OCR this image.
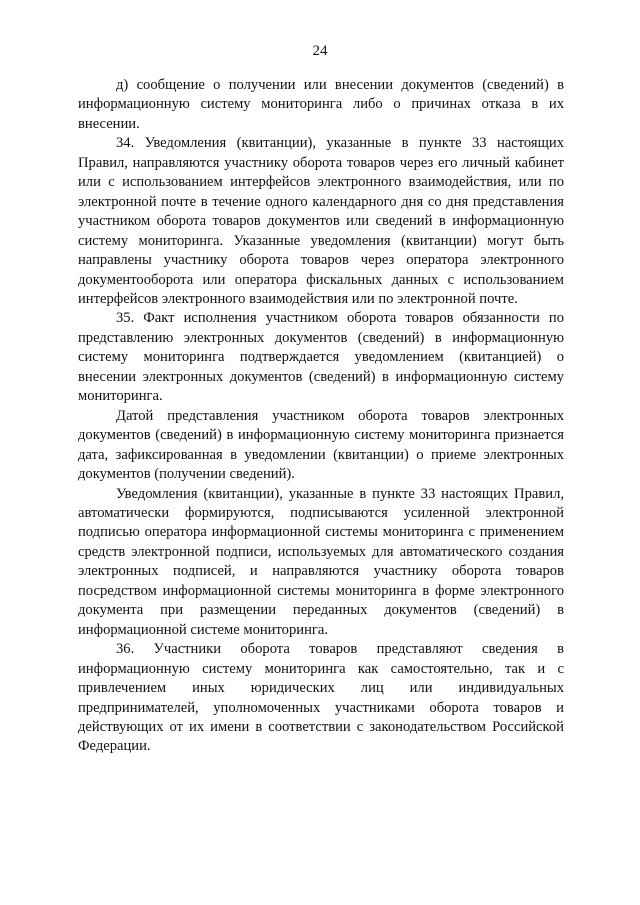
24

д) сообщение о получении или внесении документов (сведений) в информационную систему мониторинга либо о причинах отказа в их внесении.

34. Уведомления (квитанции), указанные в пункте 33 настоящих Правил, направляются участнику оборота товаров через его личный кабинет или с использованием интерфейсов электронного взаимодействия, или по электронной почте в течение одного календарного дня со дня представления участником оборота товаров документов или сведений в информационную систему мониторинга. Указанные уведомления (квитанции) могут быть направлены участнику оборота товаров через оператора электронного документооборота или оператора фискальных данных с использованием интерфейсов электронного взаимодействия или по электронной почте.

35. Факт исполнения участником оборота товаров обязанности по представлению электронных документов (сведений) в информационную систему мониторинга подтверждается уведомлением (квитанцией) о внесении электронных документов (сведений) в информационную систему мониторинга.

Датой представления участником оборота товаров электронных документов (сведений) в информационную систему мониторинга признается дата, зафиксированная в уведомлении (квитанции) о приеме электронных документов (получении сведений).

Уведомления (квитанции), указанные в пункте 33 настоящих Правил, автоматически формируются, подписываются усиленной электронной подписью оператора информационной системы мониторинга с применением средств электронной подписи, используемых для автоматического создания электронных подписей, и направляются участнику оборота товаров посредством информационной системы мониторинга в форме электронного документа при размещении переданных документов (сведений) в информационной системе мониторинга.

36. Участники оборота товаров представляют сведения в информационную систему мониторинга как самостоятельно, так и с привлечением иных юридических лиц или индивидуальных предпринимателей, уполномоченных участниками оборота товаров и действующих от их имени в соответствии с законодательством Российской Федерации.
